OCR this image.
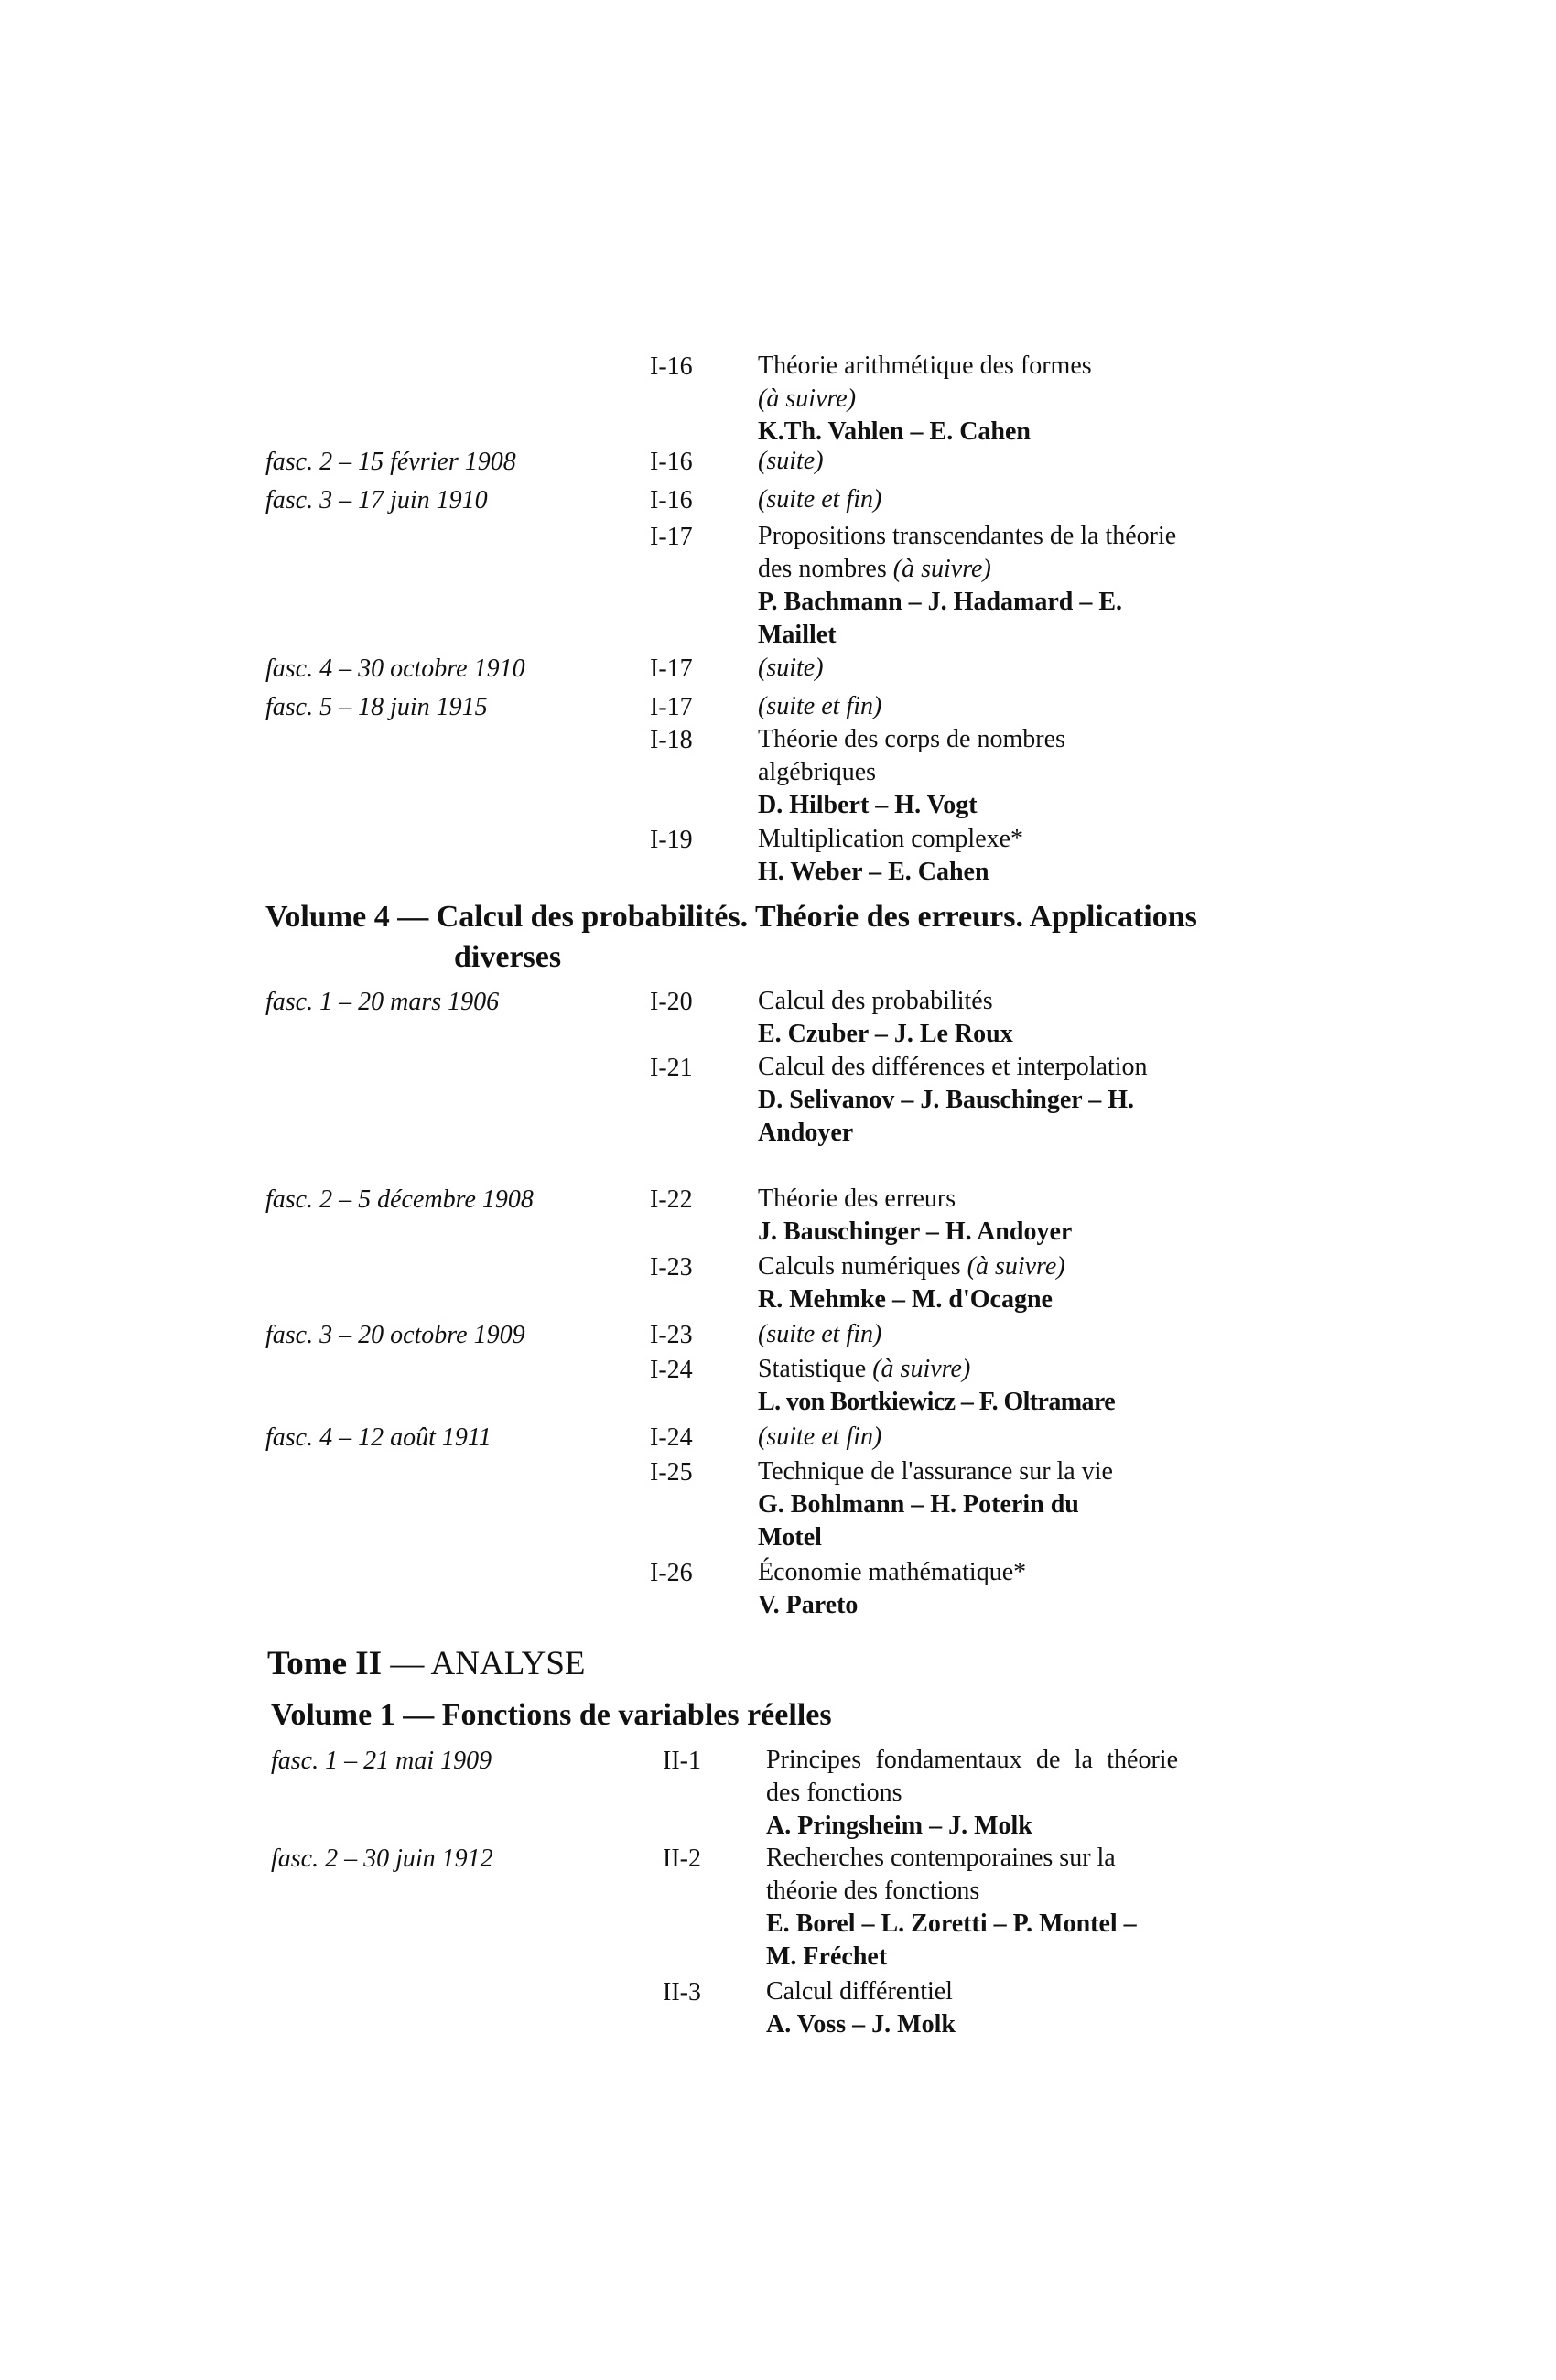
I-16	Théorie arithmétique des formes
(à suivre)
K.Th. Vahlen – E. Cahen
fasc. 2 – 15 février 1908	I-16	(suite)
fasc. 3 – 17 juin 1910	I-16	(suite et fin)
I-17	Propositions transcendantes de la théorie des nombres (à suivre)
P. Bachmann – J. Hadamard – E. Maillet
fasc. 4 – 30 octobre 1910	I-17	(suite)
fasc. 5 – 18 juin 1915	I-17	(suite et fin)
I-18	Théorie des corps de nombres algébriques
D. Hilbert – H. Vogt
I-19	Multiplication complexe*
H. Weber – E. Cahen
Volume 4 — Calcul des probabilités. Théorie des erreurs. Applications
diverses
fasc. 1 – 20 mars 1906	I-20	Calcul des probabilités
E. Czuber – J. Le Roux
I-21	Calcul des différences et interpolation
D. Selivanov – J. Bauschinger – H. Andoyer
fasc. 2 – 5 décembre 1908	I-22	Théorie des erreurs
J. Bauschinger – H. Andoyer
I-23	Calculs numériques (à suivre)
R. Mehmke – M. d'Ocagne
fasc. 3 – 20 octobre 1909	I-23	(suite et fin)
I-24	Statistique (à suivre)
L. von Bortkiewicz – F. Oltramare
fasc. 4 – 12 août 1911	I-24	(suite et fin)
I-25	Technique de l'assurance sur la vie
G. Bohlmann – H. Poterin du Motel
I-26	Économie mathématique*
V. Pareto
Tome II — ANALYSE
Volume 1 — Fonctions de variables réelles
fasc. 1 – 21 mai 1909	II-1	Principes fondamentaux de la théorie des fonctions
A. Pringsheim – J. Molk
fasc. 2 – 30 juin 1912	II-2	Recherches contemporaines sur la théorie des fonctions
E. Borel – L. Zoretti – P. Montel – M. Fréchet
II-3	Calcul différentiel
A. Voss – J. Molk
